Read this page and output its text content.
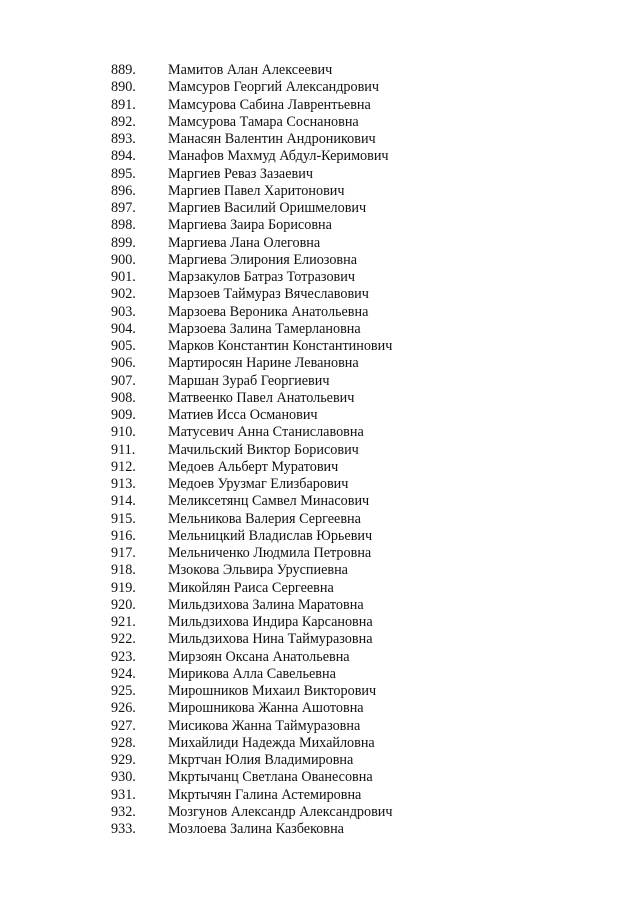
889. Мамитов Алан Алексеевич
890. Мамсуров Георгий Александрович
891. Мамсурова Сабина Лаврентьевна
892. Мамсурова Тамара Соснановна
893. Манасян Валентин Андроникович
894. Манафов Махмуд Абдул-Керимович
895. Маргиев Реваз Зазаевич
896. Маргиев Павел Харитонович
897. Маргиев Василий Оришмелович
898. Маргиева Заира Борисовна
899. Маргиева Лана Олеговна
900. Маргиева Элирония Елиозовна
901. Марзакулов Батраз Тотразович
902. Марзоев Таймураз Вячеславович
903. Марзоева Вероника Анатольевна
904. Марзоева Залина Тамерлановна
905. Марков Константин Константинович
906. Мартиросян Нарине Левановна
907. Маршан Зураб Георгиевич
908. Матвеенко Павел Анатольевич
909. Матиев Исса Османович
910. Матусевич Анна Станиславовна
911. Мачильский Виктор Борисович
912. Медоев Альберт Муратович
913. Медоев Урузмаг Елизбарович
914. Меликсетянц Самвел Минасович
915. Мельникова Валерия Сергеевна
916. Мельницкий Владислав Юрьевич
917. Мельниченко Людмила Петровна
918. Мзокова Эльвира Уруспиевна
919. Микойлян Раиса Сергеевна
920. Мильдзихова Залина Маратовна
921. Мильдзихова Индира Карсановна
922. Мильдзихова Нина Таймуразовна
923. Мирзоян Оксана Анатольевна
924. Мирикова Алла Савельевна
925. Мирошников Михаил Викторович
926. Мирошникова Жанна Ашотовна
927. Мисикова Жанна Таймуразовна
928. Михайлиди Надежда Михайловна
929. Мкртчан Юлия Владимировна
930. Мкртычанц Светлана Ованесовна
931. Мкртычян Галина Астемировна
932. Мозгунов Александр Александрович
933. Мозлоева Залина Казбековна
